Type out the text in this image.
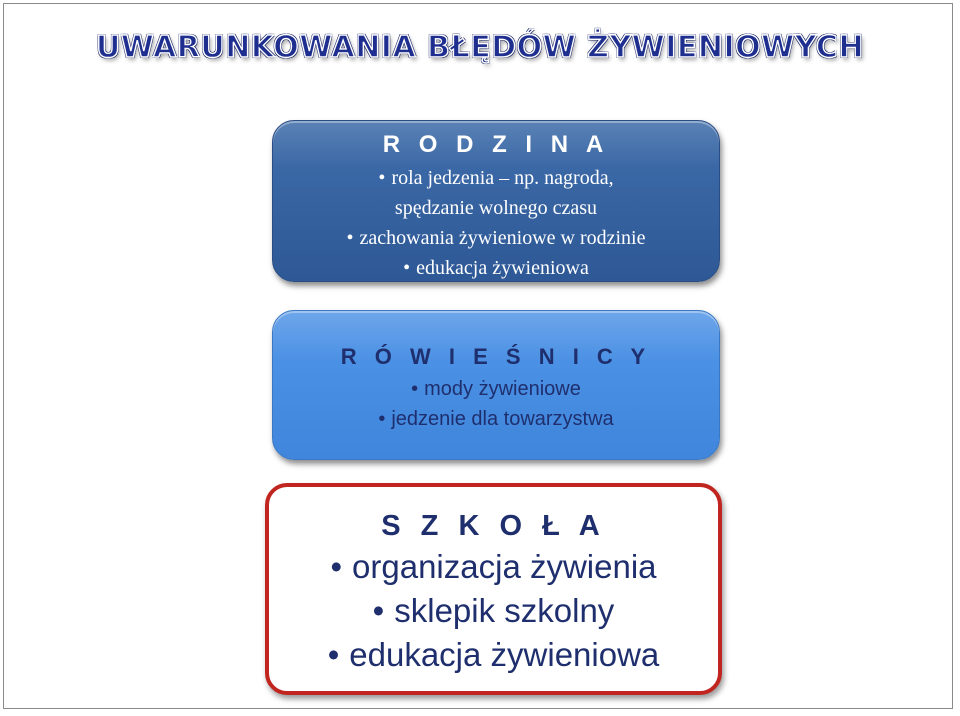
UWARUNKOWANIA BŁĘDÓW ŻYWIENIOWYCH
R O D Z I N A
• rola jedzenia – np. nagroda,
spędzanie wolnego czasu
• zachowania żywieniowe w rodzinie
• edukacja żywieniowa
R Ó W I E Ś N I C Y
• mody żywieniowe
• jedzenie dla towarzystwa
S Z K O Ł A
• organizacja żywienia
• sklepik szkolny
• edukacja żywieniowa
